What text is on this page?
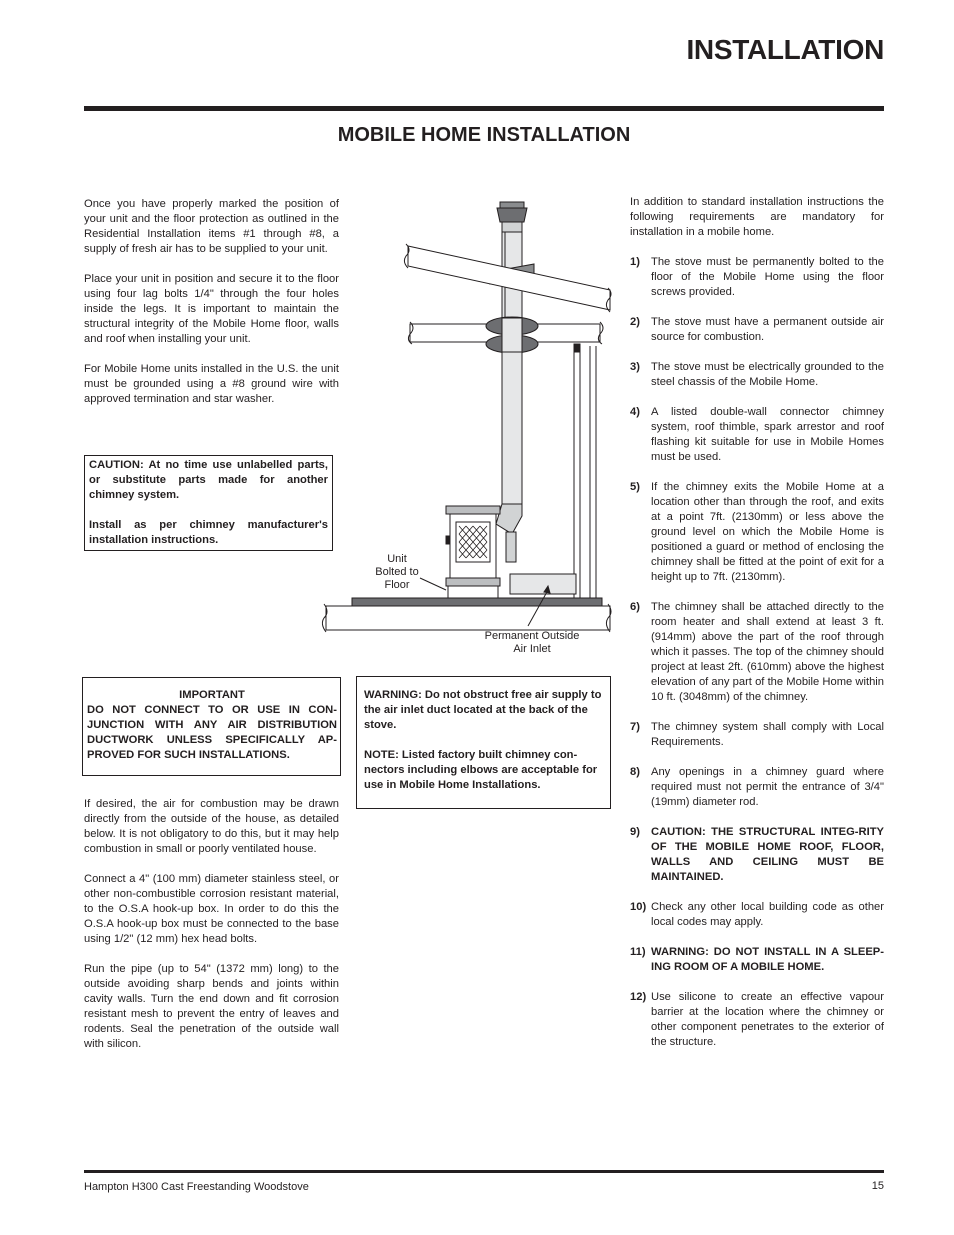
INSTALLATION
MOBILE HOME INSTALLATION

Once you have properly marked the position of your unit and the floor protection as outlined in the Residential Installation items #1 through #8, a supply of fresh air has to be supplied to your unit.

Place your unit in position and secure it to the floor using four lag bolts 1/4" through the four holes inside the legs. It is important to maintain the structural integrity of the Mobile Home floor, walls and roof when installing your unit.

For Mobile Home units installed in the U.S. the unit must be grounded using a #8 ground wire with approved termination and star washer.

CAUTION: At no time use unlabelled parts, or substitute parts made for another chimney system.

Install as per chimney manufacturer's installation instructions.

Unit
Bolted to
Floor
Permanent Outside
Air Inlet
IMPORTANT
DO NOT CONNECT TO OR USE IN CON-JUNCTION WITH ANY AIR DISTRIBUTION DUCTWORK UNLESS SPECIFICALLY AP-PROVED FOR SUCH INSTALLATIONS.

WARNING: Do not obstruct free air supply to the air inlet duct located at the back of the stove.

NOTE: Listed factory built chimney con-nectors including elbows are acceptable for use in Mobile Home Installations.

If desired, the air for combustion may be drawn directly from the outside of the house, as detailed below. It is not obligatory to do this, but it may help combustion in small or poorly ventilated house.

Connect a 4" (100 mm) diameter stainless steel, or other non-combustible corrosion resistant material, to the O.S.A hook-up box. In order to do this the O.S.A hook-up box must be connected to the base using 1/2" (12 mm) hex head bolts.

Run the pipe (up to 54" (1372 mm) long) to the outside avoiding sharp bends and joints within cavity walls. Turn the end down and fit corrosion resistant mesh to prevent the entry of leaves and rodents. Seal the penetration of the outside wall with silicon.

In addition to standard installation instructions the following requirements are mandatory for installation in a mobile home.

1) The stove must be permanently bolted to the floor of the Mobile Home using the floor screws provided.
2) The stove must have a permanent outside air source for combustion.
3) The stove must be electrically grounded to the steel chassis of the Mobile Home.
4) A listed double-wall connector chimney system, roof thimble, spark arrestor and roof flashing kit suitable for use in Mobile Homes must be used.
5) If the chimney exits the Mobile Home at a location other than through the roof, and exits at a point 7ft. (2130mm) or less above the ground level on which the Mobile Home is positioned a guard or method of enclosing the chimney shall be fitted at the point of exit for a height up to 7ft. (2130mm).
6) The chimney shall be attached directly to the room heater and shall extend at least 3 ft. (914mm) above the part of the roof through which it passes. The top of the chimney should project at least 2ft. (610mm) above the highest elevation of any part of the Mobile Home within 10 ft. (3048mm) of the chimney.
7) The chimney system shall comply with Local Requirements.
8) Any openings in a chimney guard where required must not permit the entrance of 3/4" (19mm) diameter rod.
9) CAUTION: THE STRUCTURAL INTEG-RITY OF THE MOBILE HOME ROOF, FLOOR, WALLS AND CEILING MUST BE MAINTAINED.
10) Check any other local building code as other local codes may apply.
11) WARNING: DO NOT INSTALL IN A SLEEP-ING ROOM OF A MOBILE HOME.
12) Use silicone to create an effective vapour barrier at the location where the chimney or other component penetrates to the exterior of the structure.
Hampton H300 Cast Freestanding Woodstove	15
